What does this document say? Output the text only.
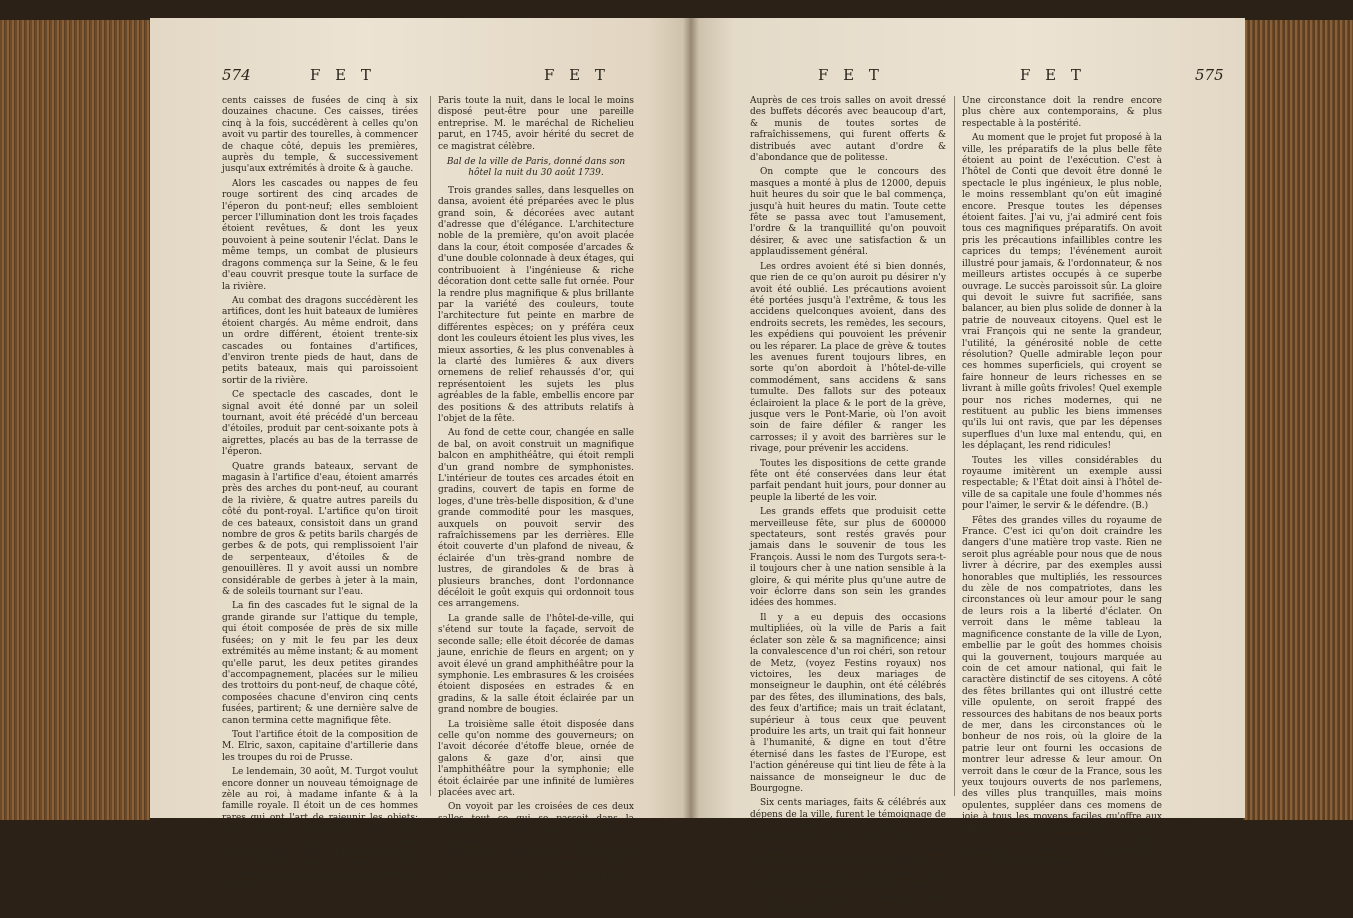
574	F E T	F E T

cents caisses de fusées de cinq à six douzaines chacune. Ces caisses, tirées cinq à la fois, succédèrent à celles qu'on avoit vu partir des tourelles, à commencer de chaque côté, depuis les premières, auprès du temple, & successivement jusqu'aux extrémités à droite & à gauche.

Alors les cascades ou nappes de feu rouge sortirent des cinq arcades de l'éperon du pont-neuf; elles sembloient percer l'illumination dont les trois façades étoient revêtues, & dont les yeux pouvoient à peine soutenir l'éclat. Dans le même temps, un combat de plusieurs dragons commença sur la Seine, & le feu d'eau couvrit presque toute la surface de la rivière.

Au combat des dragons succédèrent les artifices, dont les huit bateaux de lumières étoient chargés. Au même endroit, dans un ordre différent, étoient trente-six cascades ou fontaines d'artifices, d'environ trente pieds de haut, dans de petits bateaux, mais qui paroissoient sortir de la rivière.

Ce spectacle des cascades, dont le signal avoit été donné par un soleil tournant, avoit été précédé d'un berceau d'étoiles, produit par cent-soixante pots à aigrettes, placés au bas de la terrasse de l'éperon.

Quatre grands bateaux, servant de magasin à l'artifice d'eau, étoient amarrés près des arches du pont-neuf, au courant de la rivière, & quatre autres pareils du côté du pont-royal. L'artifice qu'on tiroit de ces bateaux, consistoit dans un grand nombre de gros & petits barils chargés de gerbes & de pots, qui remplissoient l'air de serpenteaux, d'étoiles & de genouillères. Il y avoit aussi un nombre considérable de gerbes à jeter à la main, & de soleils tournant sur l'eau.

La fin des cascades fut le signal de la grande girande sur l'attique du temple, qui étoit composée de près de six mille fusées; on y mit le feu par les deux extrémités au même instant; & au moment qu'elle parut, les deux petites girandes d'accompagnement, placées sur le milieu des trottoirs du pont-neuf, de chaque côté, composées chacune d'environ cinq cents fusées, partirent; & une dernière salve de canon termina cette magnifique fête.

Tout l'artifice étoit de la composition de M. Elric, saxon, capitaine d'artillerie dans les troupes du roi de Prusse.

Le lendemain, 30 août, M. Turgot voulut encore donner un nouveau témoignage de zèle au roi, à madame infante & à la famille royale. Il étoit un de ces hommes rares qui ont l'art de rajeunir les objets; ils les mettent dans un jour dont on ne s'étoit pas avisé avant eux; ils ne sont plus reconnoissables. Telle fut la magie dont se servit alors M. Turgot. Il trouva le secret de donner un bal magnifique qui amusa la cour &

Paris toute la nuit, dans le local le moins disposé peut-être pour une pareille entreprise. M. le maréchal de Richelieu parut, en 1745, avoir hérité du secret de ce magistrat célèbre.

Bal de la ville de Paris, donné dans son hôtel la nuit du 30 août 1739.

Trois grandes salles, dans lesquelles on dansa, avoient été préparées avec le plus grand soin, & décorées avec autant d'adresse que d'élégance. L'architecture noble de la première, qu'on avoit placée dans la cour, étoit composée d'arcades & d'une double colonnade à deux étages, qui contribuoient à l'ingénieuse & riche décoration dont cette salle fut ornée. Pour la rendre plus magnifique & plus brillante par la variété des couleurs, toute l'architecture fut peinte en marbre de différentes espèces; on y préféra ceux dont les couleurs étoient les plus vives, les mieux assorties, & les plus convenables à la clarté des lumières & aux divers ornemens de relief rehaussés d'or, qui représentoient les sujets les plus agréables de la fable, embellis encore par des positions & des attributs relatifs à l'objet de la fête.

Au fond de cette cour, changée en salle de bal, on avoit construit un magnifique balcon en amphithéâtre, qui étoit rempli d'un grand nombre de symphonistes. L'intérieur de toutes ces arcades étoit en gradins, couvert de tapis en forme de loges, d'une très-belle disposition, & d'une grande commodité pour les masques, auxquels on pouvoit servir des rafraîchissemens par les derrières. Elle étoit couverte d'un plafond de niveau, & éclairée d'un très-grand nombre de lustres, de girandoles & de bras à plusieurs branches, dont l'ordonnance décéloit le goût exquis qui ordonnoit tous ces arrangemens.

La grande salle de l'hôtel-de-ville, qui s'étend sur toute la façade, servoit de seconde salle; elle étoit décorée de damas jaune, enrichie de fleurs en argent; on y avoit élevé un grand amphithéâtre pour la symphonie. Les embrasures & les croisées étoient disposées en estrades & en gradins, & la salle étoit éclairée par un grand nombre de bougies.

La troisième salle étoit disposée dans celle qu'on nomme des gouverneurs; on l'avoit décorée d'étoffe bleue, ornée de galons & gaze d'or, ainsi que l'amphithéâtre pour la symphonie; elle étoit éclairée par une infinité de lumières placées avec art.

On voyoit par les croisées de ces deux salles tout ce qui se passoit dans la première: c'étoit une perspective ingénieuse qu'on avoit ménagée pour multiplier les plaisirs. On communiquoit d'une salle à l'autre par un grand appartement éclairé avec un art extrême.

F E T	F E T	575

Auprès de ces trois salles on avoit dressé des buffets décorés avec beaucoup d'art, & munis de toutes sortes de rafraîchissemens, qui furent offerts & distribués avec autant d'ordre & d'abondance que de politesse.

On compte que le concours des masques a monté à plus de 12000, depuis huit heures du soir que le bal commença, jusqu'à huit heures du matin. Toute cette fête se passa avec tout l'amusement, l'ordre & la tranquillité qu'on pouvoit désirer, & avec une satisfaction & un applaudissement général.

Les ordres avoient été si bien donnés, que rien de ce qu'on auroit pu désirer n'y avoit été oublié. Les précautions avoient été portées jusqu'à l'extrême, & tous les accidens quelconques avoient, dans des endroits secrets, les remèdes, les secours, les expédiens qui pouvoient les prévenir ou les réparer. La place de grève & toutes les avenues furent toujours libres, en sorte qu'on abordoit à l'hôtel-de-ville commodément, sans accidens & sans tumulte. Des fallots sur des poteaux éclairoient la place & le port de la grève, jusque vers le Pont-Marie, où l'on avoit soin de faire défiler & ranger les carrosses; il y avoit des barrières sur le rivage, pour prévenir les accidens.

Toutes les dispositions de cette grande fête ont été conservées dans leur état parfait pendant huit jours, pour donner au peuple la liberté de les voir.

Les grands effets que produisit cette merveilleuse fête, sur plus de 600000 spectateurs, sont restés gravés pour jamais dans le souvenir de tous les François. Aussi le nom des Turgots sera-t-il toujours cher à une nation sensible à la gloire, & qui mérite plus qu'une autre de voir éclorre dans son sein les grandes idées des hommes.

Il y a eu depuis des occasions multipliées, où la ville de Paris a fait éclater son zèle & sa magnificence; ainsi la convalescence d'un roi chéri, son retour de Metz, (voyez Festins royaux) nos victoires, les deux mariages de monseigneur le dauphin, ont été célébrés par des fêtes, des illuminations, des bals, des feux d'artifice; mais un trait éclatant, supérieur à tous ceux que peuvent produire les arts, un trait qui fait honneur à l'humanité, & digne en tout d'être éternisé dans les fastes de l'Europe, est l'action généreuse qui tint lieu de fête à la naissance de monseigneur le duc de Bourgogne.

Six cents mariages, faits & célébrés aux dépens de la ville, furent le témoignage de son amour pour l'État, de son ardeur pour l'accroissement de ses forces, de l'humanité tendre qui guide ses opérations dans l'administration des biens publics.

Dans tous les temps, cette action auroit mérité les louanges de tous les gens de bien, & les transports de reconnoissance de la nation entière.

Une circonstance doit la rendre encore plus chère aux contemporains, & plus respectable à la postérité.

Au moment que le projet fut proposé à la ville, les préparatifs de la plus belle fête étoient au point de l'exécution. C'est à l'hôtel de Conti que devoit être donné le spectacle le plus ingénieux, le plus noble, le moins ressemblant qu'on eût imaginé encore. Presque toutes les dépenses étoient faites. J'ai vu, j'ai admiré cent fois tous ces magnifiques préparatifs. On avoit pris les précautions infaillibles contre les caprices du temps; l'événement auroit illustré pour jamais, & l'ordonnateur, & nos meilleurs artistes occupés à ce superbe ouvrage. Le succès paroissoit sûr. La gloire qui devoit le suivre fut sacrifiée, sans balancer, au bien plus solide de donner à la patrie de nouveaux citoyens. Quel est le vrai François qui ne sente la grandeur, l'utilité, la générosité noble de cette résolution? Quelle admirable leçon pour ces hommes superficiels, qui croyent se faire honneur de leurs richesses en se livrant à mille goûts frivoles! Quel exemple pour nos riches modernes, qui ne restituent au public les biens immenses qu'ils lui ont ravis, que par les dépenses superflues d'un luxe mal entendu, qui, en les déplaçant, les rend ridicules!

Toutes les villes considérables du royaume imitèrent un exemple aussi respectable; & l'État doit ainsi à l'hôtel de-ville de sa capitale une foule d'hommes nés pour l'aimer, le servir & le défendre. (B.)

Fêtes des grandes villes du royaume de France. C'est ici qu'on doit craindre les dangers d'une matière trop vaste. Rien ne seroit plus agréable pour nous que de nous livrer à décrire, par des exemples aussi honorables que multipliés, les ressources du zèle de nos compatriotes, dans les circonstances où leur amour pour le sang de leurs rois a la liberté d'éclater. On verroit dans le même tableau la magnificence constante de la ville de Lyon, embellie par le goût des hommes choisis qui la gouvernent, toujours marquée au coin de cet amour national, qui fait le caractère distinctif de ses citoyens. A côté des fêtes brillantes qui ont illustré cette ville opulente, on seroit frappé des ressources des habitans de nos beaux ports de mer, dans les circonstances où le bonheur de nos rois, où la gloire de la patrie leur ont fourni les occasions de montrer leur adresse & leur amour. On verroit dans le cœur de la France, sous les yeux toujours ouverts de nos parlemens, des villes plus tranquilles, mais moins opulentes, suppléer dans ces momens de joie à tous les moyens faciles qu'offre aux autres la fortune, par l'activité, l'élégance, les nouveautés heureuses, les prodiges imprévus de l'industrie, la fécondité des talens & des arts. Telles seroient
